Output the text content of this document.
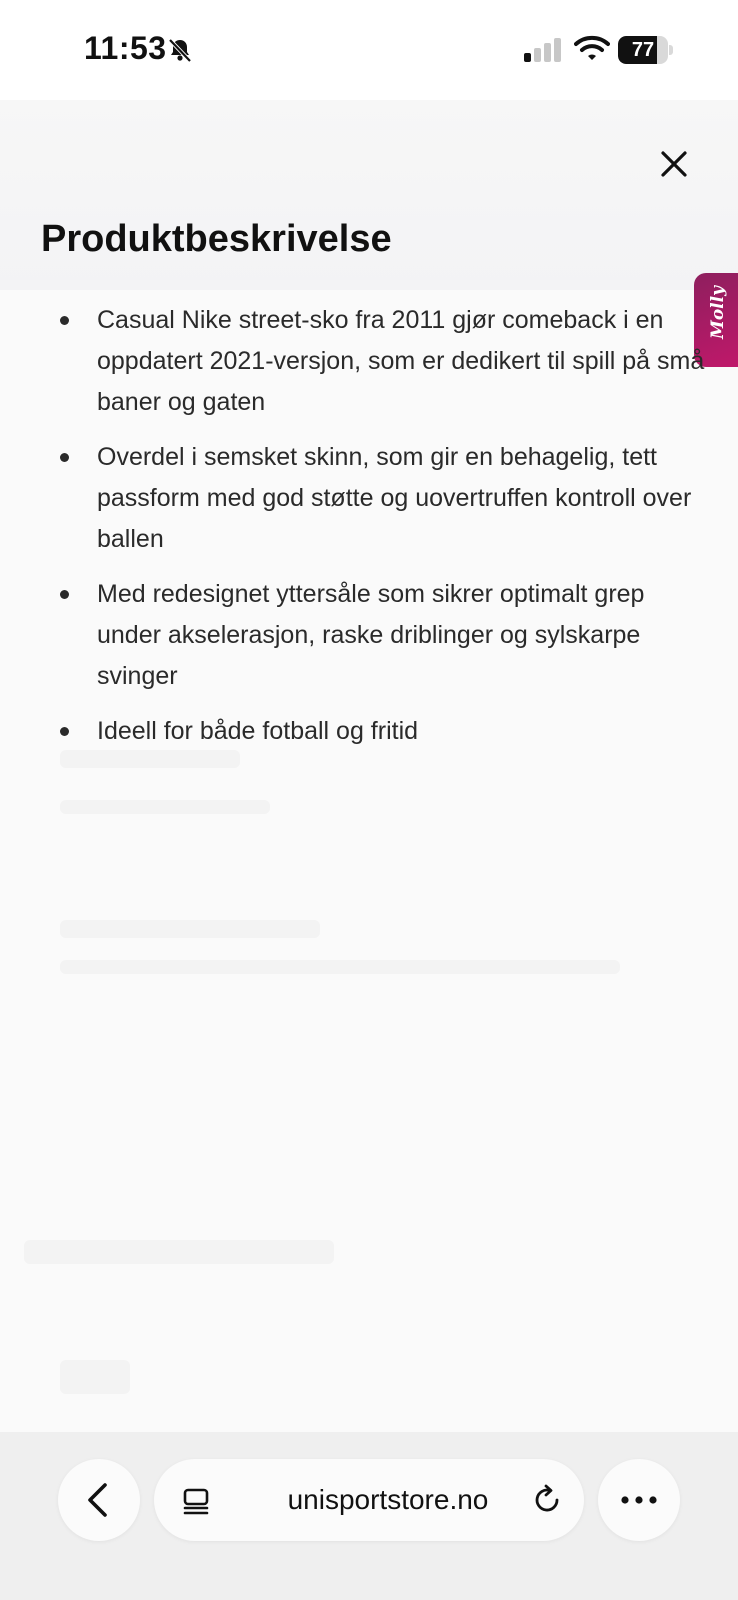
11:53	77
Produktbeskrivelse
Molly
Casual Nike street-sko fra 2011 gjør comeback i en oppdatert 2021-versjon, som er dedikert til spill på små baner og gaten
Overdel i semsket skinn, som gir en behagelig, tett passform med god støtte og uovertruffen kontroll over ballen
Med redesignet yttersåle som sikrer optimalt grep under akselerasjon, raske driblinger og sylskarpe svinger
Ideell for både fotball og fritid
unisportstore.no
